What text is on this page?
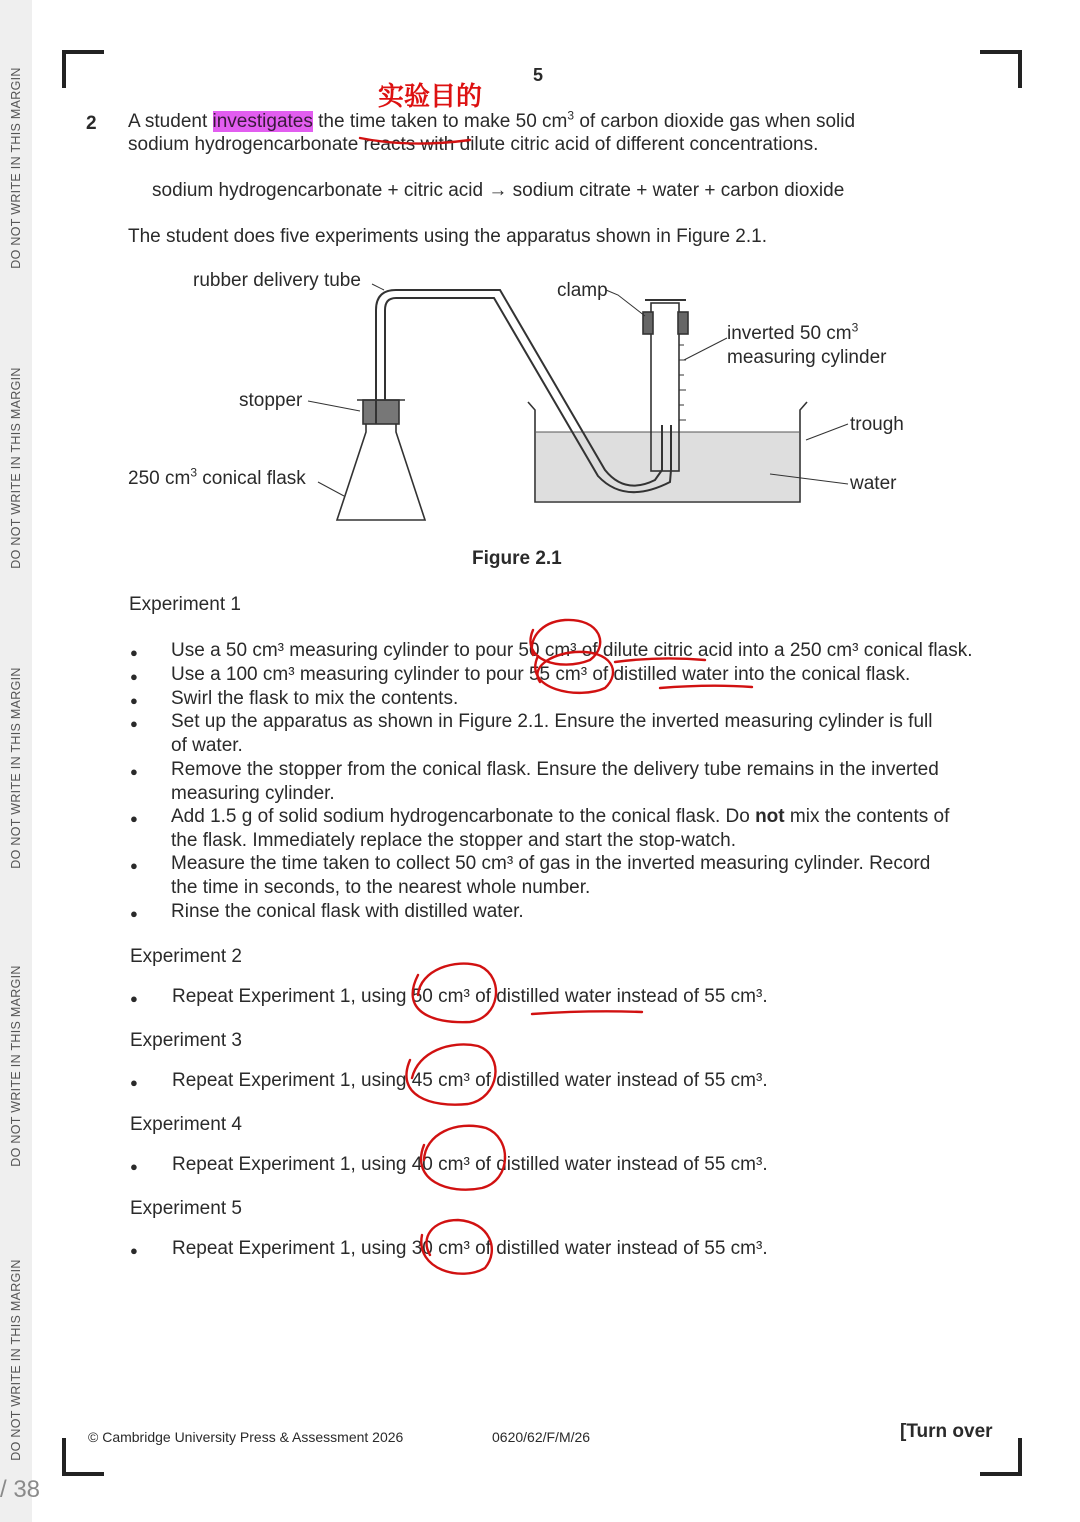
DO NOT WRITE IN THIS MARGIN
DO NOT WRITE IN THIS MARGIN
DO NOT WRITE IN THIS MARGIN
DO NOT WRITE IN THIS MARGIN
DO NOT WRITE IN THIS MARGIN
/ 38
5
实验目的
2 A student investigates the time taken to make 50 $cm^3$ of carbon dioxide gas when solid
sodium hydrogencarbonate reacts with dilute citric acid of different concentrations.
sodium hydrogencarbonate + citric acid → sodium citrate + water + carbon dioxide
The student does five experiments using the apparatus shown in Figure 2.1.
rubber delivery tube	clamp
inverted 50 $cm^3$
measuring cylinder
stopper
250 $cm^3$ conical flask
trough
water
Figure 2.1
Experiment 1
● Use a 50 cm³ measuring cylinder to pour 50 cm³ of dilute citric acid into a 250 cm³ conical flask.
● Use a 100 cm³ measuring cylinder to pour 55 cm³ of distilled water into the conical flask.
● Swirl the flask to mix the contents.
● Set up the apparatus as shown in Figure 2.1. Ensure the inverted measuring cylinder is full
of water.
● Remove the stopper from the conical flask. Ensure the delivery tube remains in the inverted
measuring cylinder.
● Add 1.5 g of solid sodium hydrogencarbonate to the conical flask. Do not mix the contents of
the flask. Immediately replace the stopper and start the stop-watch.
● Measure the time taken to collect 50 cm³ of gas in the inverted measuring cylinder. Record
the time in seconds, to the nearest whole number.
● Rinse the conical flask with distilled water.
Experiment 2
● Repeat Experiment 1, using 50 cm³ of distilled water instead of 55 cm³.
Experiment 3
● Repeat Experiment 1, using 45 cm³ of distilled water instead of 55 cm³.
Experiment 4
● Repeat Experiment 1, using 40 cm³ of distilled water instead of 55 cm³.
Experiment 5
● Repeat Experiment 1, using 30 cm³ of distilled water instead of 55 cm³.
© Cambridge University Press & Assessment 2026	0620/62/F/M/26	[Turn over
